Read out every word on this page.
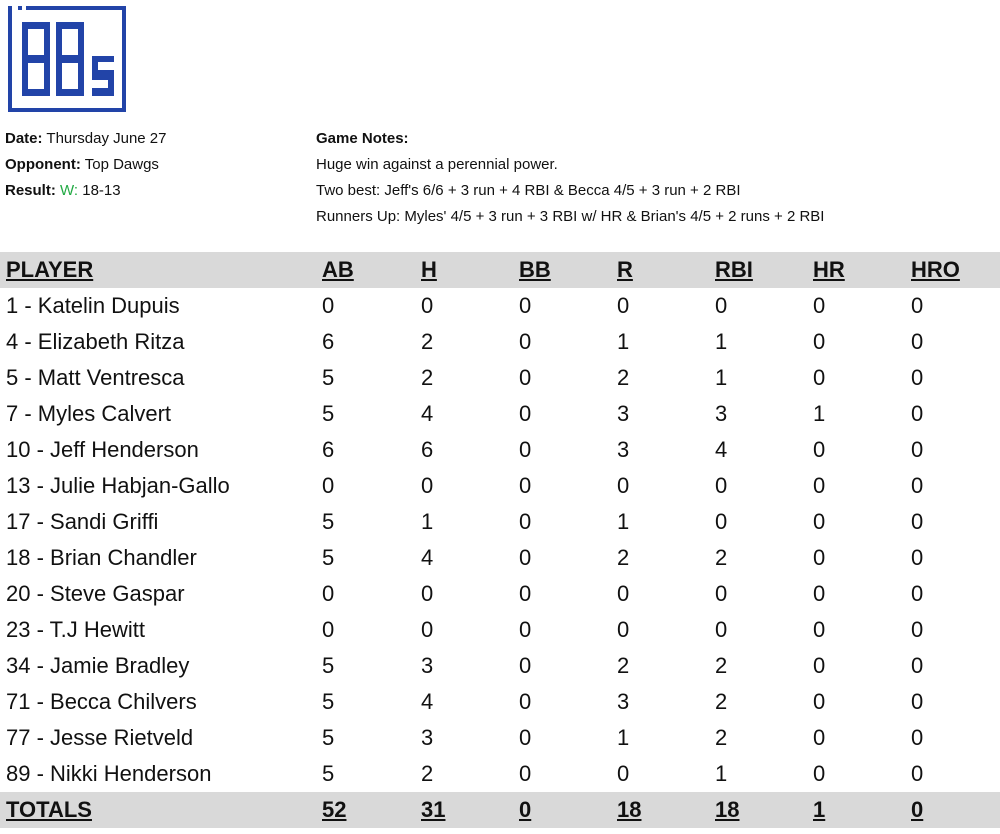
Date: Thursday June 27
Opponent: Top Dawgs
Result: W: 18-13
Game Notes:
Huge win against a perennial power.
Two best: Jeff's 6/6 + 3 run + 4 RBI & Becca 4/5 + 3 run + 2 RBI
Runners Up: Myles' 4/5 + 3 run + 3 RBI w/ HR & Brian's 4/5 + 2 runs + 2 RBI
PLAYER	AB	H	BB	R	RBI	HR	HRO
1 - Katelin Dupuis	0	0	0	0	0	0	0
4 - Elizabeth Ritza	6	2	0	1	1	0	0
5 - Matt Ventresca	5	2	0	2	1	0	0
7 - Myles Calvert	5	4	0	3	3	1	0
10 - Jeff Henderson	6	6	0	3	4	0	0
13 - Julie Habjan-Gallo	0	0	0	0	0	0	0
17 - Sandi Griffi	5	1	0	1	0	0	0
18 - Brian Chandler	5	4	0	2	2	0	0
20 - Steve Gaspar	0	0	0	0	0	0	0
23 - T.J Hewitt	0	0	0	0	0	0	0
34 - Jamie Bradley	5	3	0	2	2	0	0
71 - Becca Chilvers	5	4	0	3	2	0	0
77 - Jesse Rietveld	5	3	0	1	2	0	0
89 - Nikki Henderson	5	2	0	0	1	0	0
TOTALS	52	31	0	18	18	1	0
